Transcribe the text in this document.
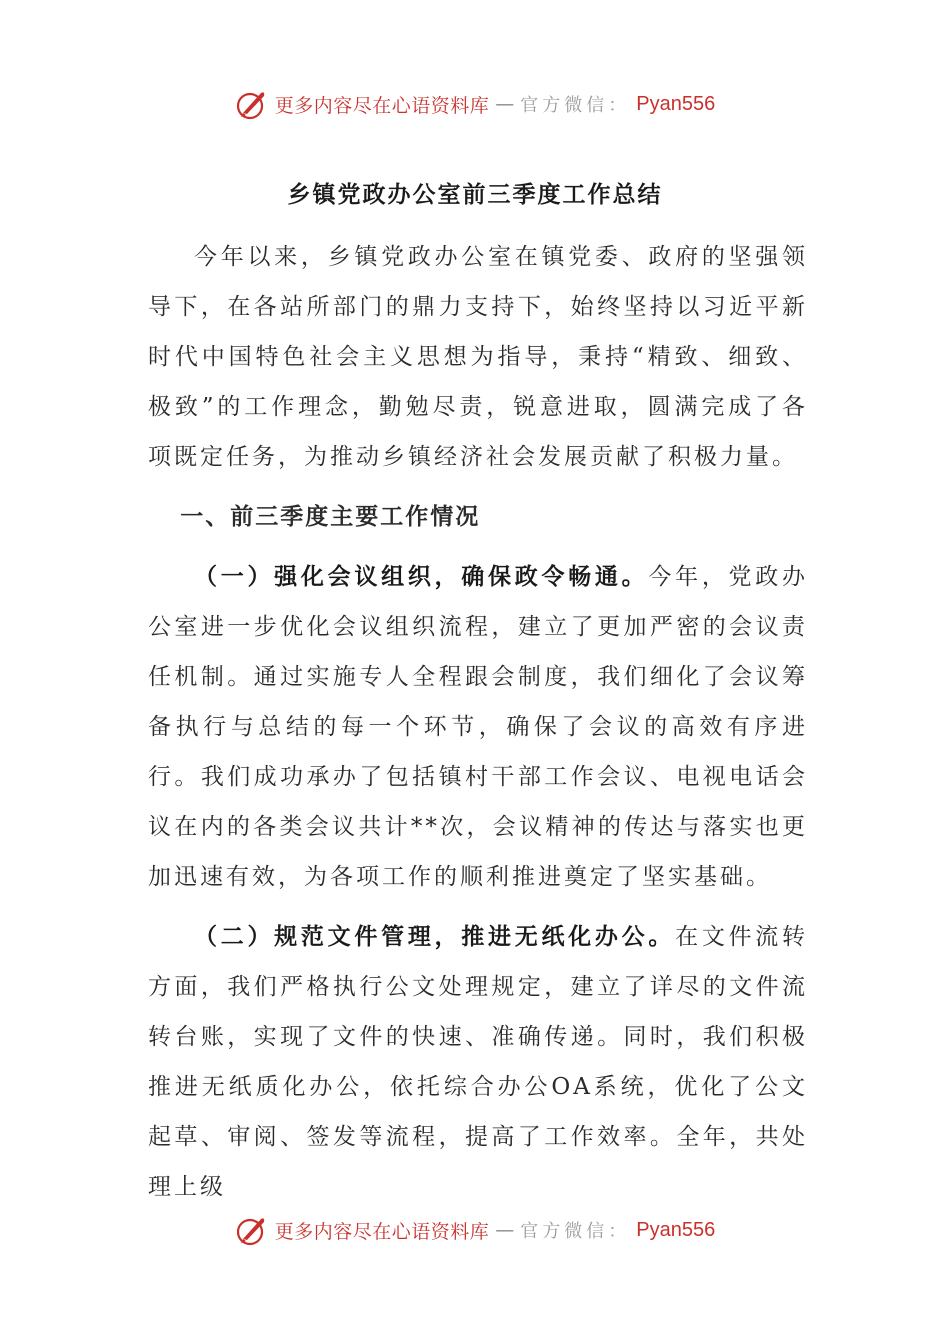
更多内容尽在心语资料库 — 官方微信： Pyan556
乡镇党政办公室前三季度工作总结

今年以来，乡镇党政办公室在镇党委、政府的坚强领导下，在各站所部门的鼎力支持下，始终坚持以习近平新时代中国特色社会主义思想为指导，秉持“精致、细致、极致”的工作理念，勤勉尽责，锐意进取，圆满完成了各项既定任务，为推动乡镇经济社会发展贡献了积极力量。

一、前三季度主要工作情况

（一）强化会议组织，确保政令畅通。今年，党政办公室进一步优化会议组织流程，建立了更加严密的会议责任机制。通过实施专人全程跟会制度，我们细化了会议筹备执行与总结的每一个环节，确保了会议的高效有序进行。我们成功承办了包括镇村干部工作会议、电视电话会议在内的各类会议共计**次，会议精神的传达与落实也更加迅速有效，为各项工作的顺利推进奠定了坚实基础。

（二）规范文件管理，推进无纸化办公。在文件流转方面，我们严格执行公文处理规定，建立了详尽的文件流转台账，实现了文件的快速、准确传递。同时，我们积极推进无纸质化办公，依托综合办公OA系统，优化了公文起草、审阅、签发等流程，提高了工作效率。全年，共处理上级

更多内容尽在心语资料库 — 官方微信： Pyan556
